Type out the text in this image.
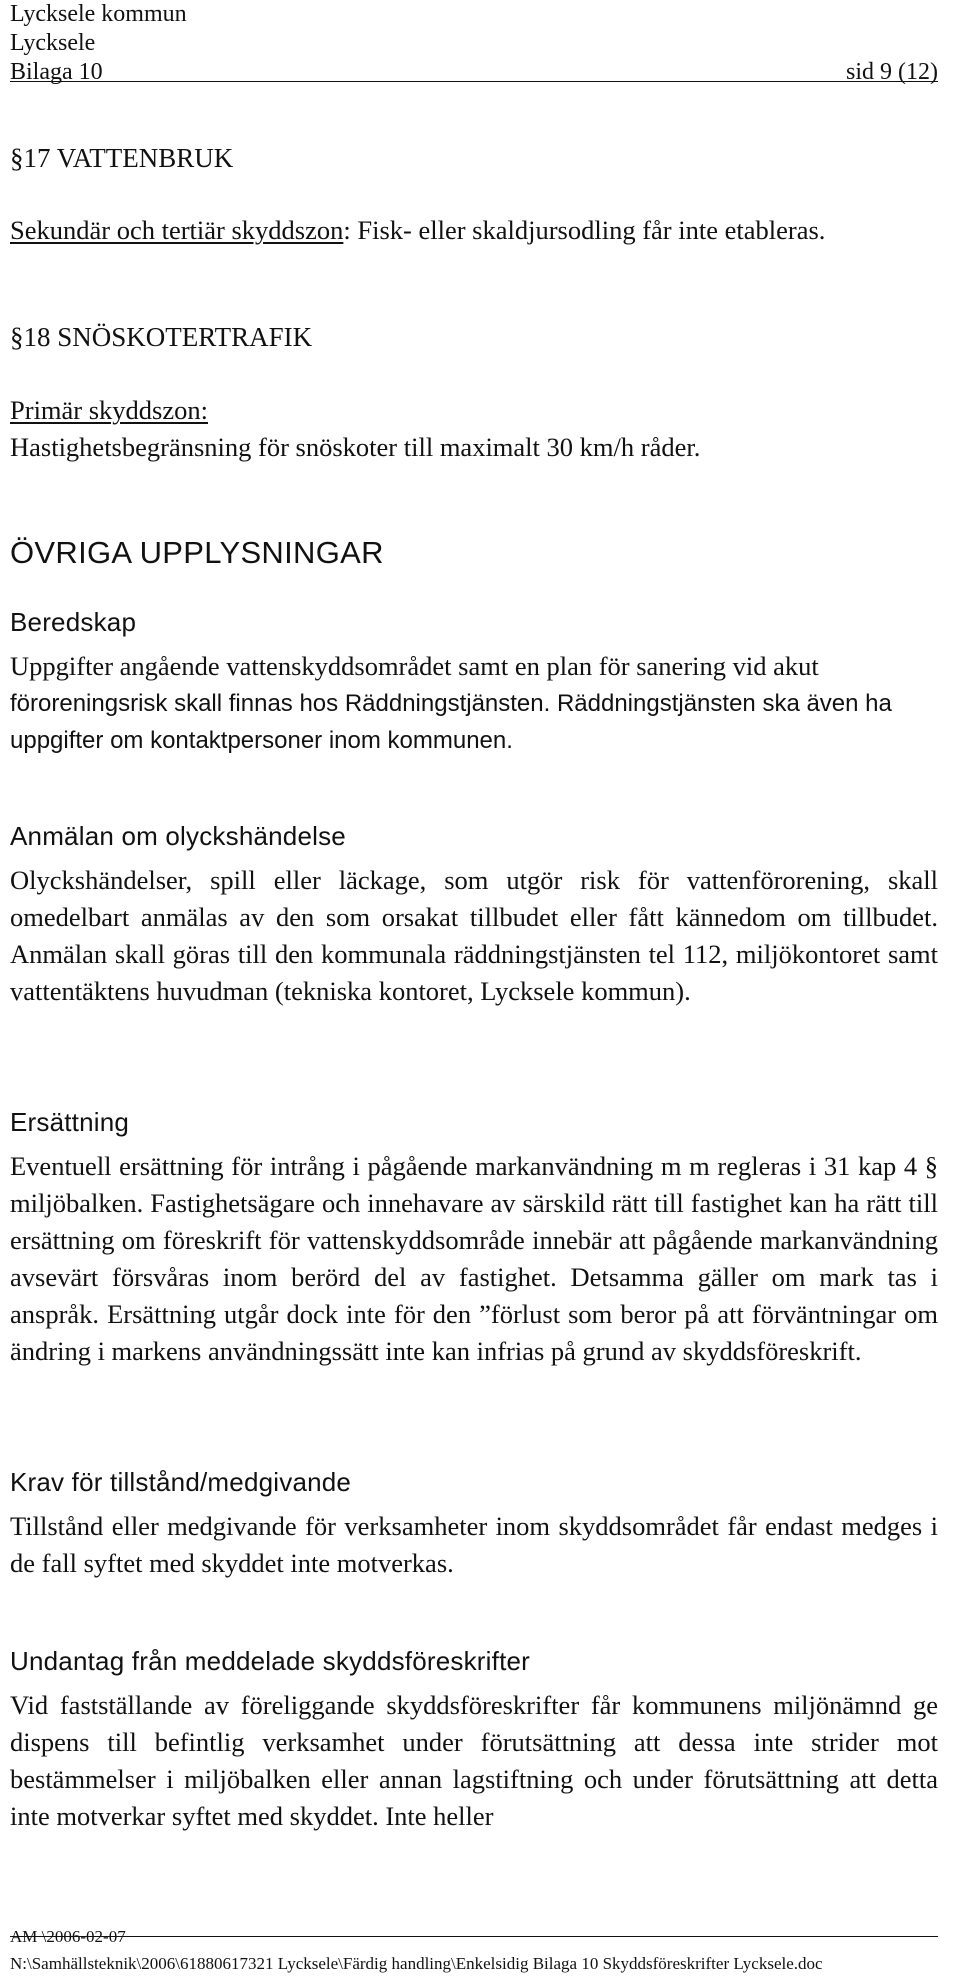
Lycksele kommun
Lycksele
Bilaga 10	sid 9 (12)
§17 VATTENBRUK
Sekundär och tertiär skyddszon: Fisk- eller skaldjursodling får inte etableras.
§18 SNÖSKOTERTRAFIK
Primär skyddszon:
Hastighetsbegränsning för snöskoter till maximalt 30 km/h råder.
ÖVRIGA UPPLYSNINGAR
Beredskap
Uppgifter angående vattenskyddsområdet samt en plan för sanering vid akut
föroreningsrisk skall finnas hos Räddningstjänsten. Räddningstjänsten ska även ha uppgifter om kontaktpersoner inom kommunen.
Anmälan om olyckshändelse
Olyckshändelser, spill eller läckage, som utgör risk för vattenförorening, skall omedelbart anmälas av den som orsakat tillbudet eller fått kännedom om tillbudet. Anmälan skall göras till den kommunala räddningstjänsten tel 112, miljökontoret samt vattentäktens huvudman (tekniska kontoret, Lycksele kommun).
Ersättning
Eventuell ersättning för intrång i pågående markanvändning m m regleras i 31 kap 4 § miljöbalken. Fastighetsägare och innehavare av särskild rätt till fastighet kan ha rätt till ersättning om föreskrift för vattenskyddsområde innebär att pågående markanvändning avsevärt försvåras inom berörd del av fastighet. Detsamma gäller om mark tas i anspråk. Ersättning utgår dock inte för den ”förlust som beror på att förväntningar om ändring i markens användningssätt inte kan infrias på grund av skyddsföreskrift.
Krav för tillstånd/medgivande
Tillstånd eller medgivande för verksamheter inom skyddsområdet får endast medges i de fall syftet med skyddet inte motverkas.
Undantag från meddelade skyddsföreskrifter
Vid fastställande av föreliggande skyddsföreskrifter får kommunens miljönämnd ge dispens till befintlig verksamhet under förutsättning att dessa inte strider mot bestämmelser i miljöbalken eller annan lagstiftning och under förutsättning att detta inte motverkar syftet med skyddet. Inte heller
AM \2006-02-07
N:\Samhällsteknik\2006\61880617321 Lycksele\Färdig handling\Enkelsidig Bilaga 10 Skyddsföreskrifter Lycksele.doc
